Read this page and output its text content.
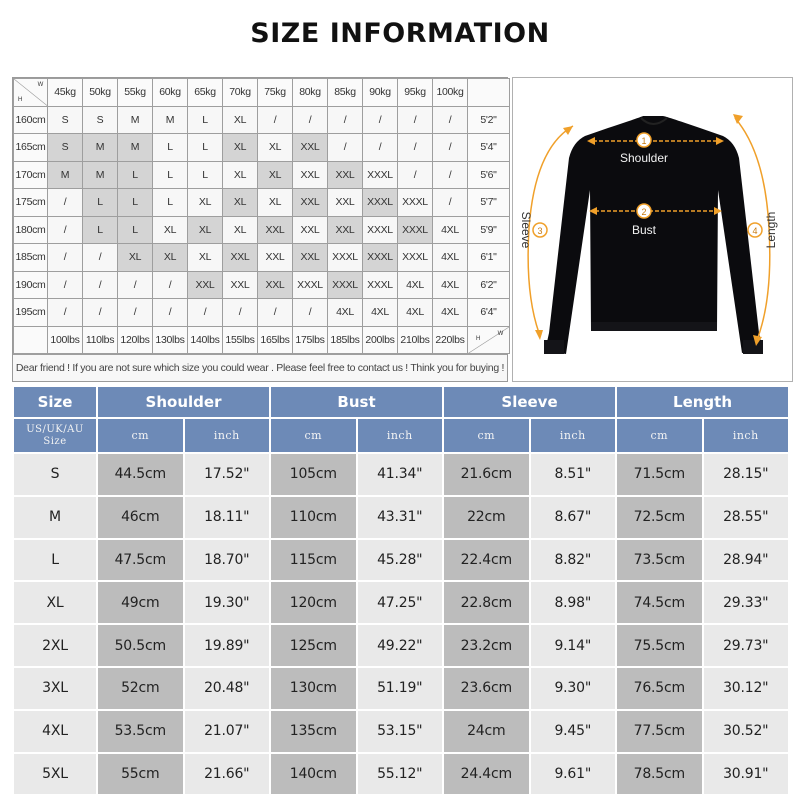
SIZE INFORMATION
H
W	45kg	50kg	55kg	60kg	65kg	70kg	75kg	80kg	85kg	90kg	95kg	100kg	
160cm	S	S	M	M	L	XL	/	/	/	/	/	/	5'2"
165cm	S	M	M	L	L	XL	XL	XXL	/	/	/	/	5'4"
170cm	M	M	L	L	L	XL	XL	XXL	XXL	XXXL	/	/	5'6"
175cm	/	L	L	L	XL	XL	XL	XXL	XXL	XXXL	XXXL	/	5'7"
180cm	/	L	L	XL	XL	XL	XXL	XXL	XXL	XXXL	XXXL	4XL	5'9"
185cm	/	/	XL	XL	XL	XXL	XXL	XXL	XXXL	XXXL	XXXL	4XL	6'1"
190cm	/	/	/	/	XXL	XXL	XXL	XXXL	XXXL	XXXL	4XL	4XL	6'2"
195cm	/	/	/	/	/	/	/	/	4XL	4XL	4XL	4XL	6'4"
	100lbs	110lbs	120lbs	130lbs	140lbs	155lbs	165lbs	175lbs	185lbs	200lbs	210lbs	220lbs	W
H
Dear friend ! If you are not sure which size you could wear . Please feel free to contact us ! Think you for buying !
1
2
3	4
Shoulder
Bust
Sleeve	Length
Size	Shoulder		Bust		Sleeve		Length	
US/UK/AU Size	cm	inch	cm	inch	cm	inch	cm	inch
S	44.5cm	17.52"	105cm	41.34"	21.6cm	8.51"	71.5cm	28.15"
M	46cm	18.11"	110cm	43.31"	22cm	8.67"	72.5cm	28.55"
L	47.5cm	18.70"	115cm	45.28"	22.4cm	8.82"	73.5cm	28.94"
XL	49cm	19.30"	120cm	47.25"	22.8cm	8.98"	74.5cm	29.33"
2XL	50.5cm	19.89"	125cm	49.22"	23.2cm	9.14"	75.5cm	29.73"
3XL	52cm	20.48"	130cm	51.19"	23.6cm	9.30"	76.5cm	30.12"
4XL	53.5cm	21.07"	135cm	53.15"	24cm	9.45"	77.5cm	30.52"
5XL	55cm	21.66"	140cm	55.12"	24.4cm	9.61"	78.5cm	30.91"
